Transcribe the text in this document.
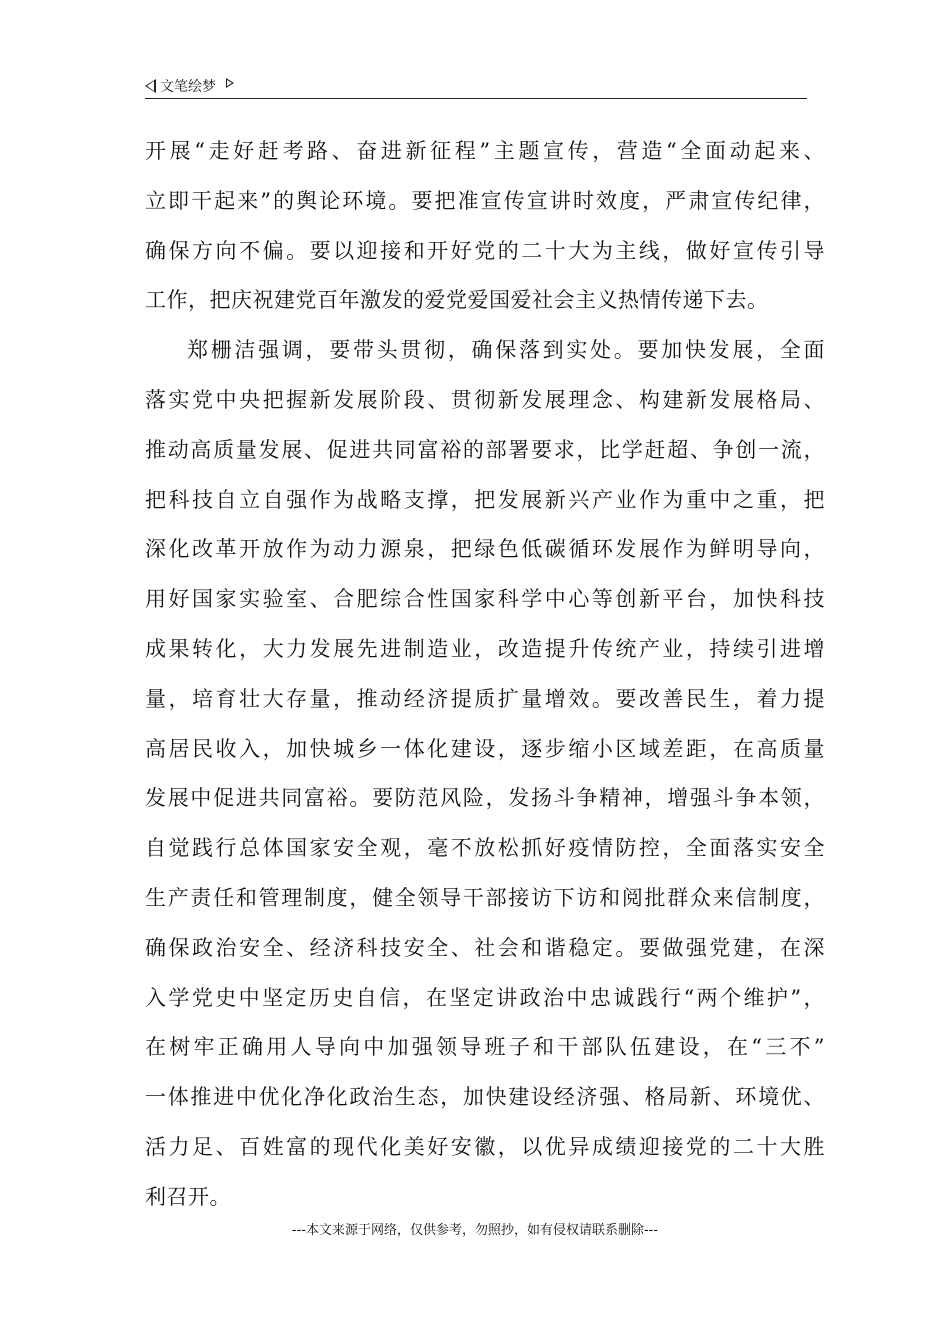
文笔绘梦
开展“走好赶考路、奋进新征程”主题宣传，营造“全面动起来、
立即干起来”的舆论环境。要把准宣传宣讲时效度，严肃宣传纪律，
确保方向不偏。要以迎接和开好党的二十大为主线，做好宣传引导
工作，把庆祝建党百年激发的爱党爱国爱社会主义热情传递下去。
郑栅洁强调，要带头贯彻，确保落到实处。要加快发展，全面
落实党中央把握新发展阶段、贯彻新发展理念、构建新发展格局、
推动高质量发展、促进共同富裕的部署要求，比学赶超、争创一流，
把科技自立自强作为战略支撑，把发展新兴产业作为重中之重，把
深化改革开放作为动力源泉，把绿色低碳循环发展作为鲜明导向，
用好国家实验室、合肥综合性国家科学中心等创新平台，加快科技
成果转化，大力发展先进制造业，改造提升传统产业，持续引进增
量，培育壮大存量，推动经济提质扩量增效。要改善民生，着力提
高居民收入，加快城乡一体化建设，逐步缩小区域差距，在高质量
发展中促进共同富裕。要防范风险，发扬斗争精神，增强斗争本领，
自觉践行总体国家安全观，毫不放松抓好疫情防控，全面落实安全
生产责任和管理制度，健全领导干部接访下访和阅批群众来信制度，
确保政治安全、经济科技安全、社会和谐稳定。要做强党建，在深
入学党史中坚定历史自信，在坚定讲政治中忠诚践行“两个维护”，
在树牢正确用人导向中加强领导班子和干部队伍建设，在“三不”
一体推进中优化净化政治生态，加快建设经济强、格局新、环境优、
活力足、百姓富的现代化美好安徽，以优异成绩迎接党的二十大胜
利召开。
---本文来源于网络，仅供参考，勿照抄，如有侵权请联系删除---
